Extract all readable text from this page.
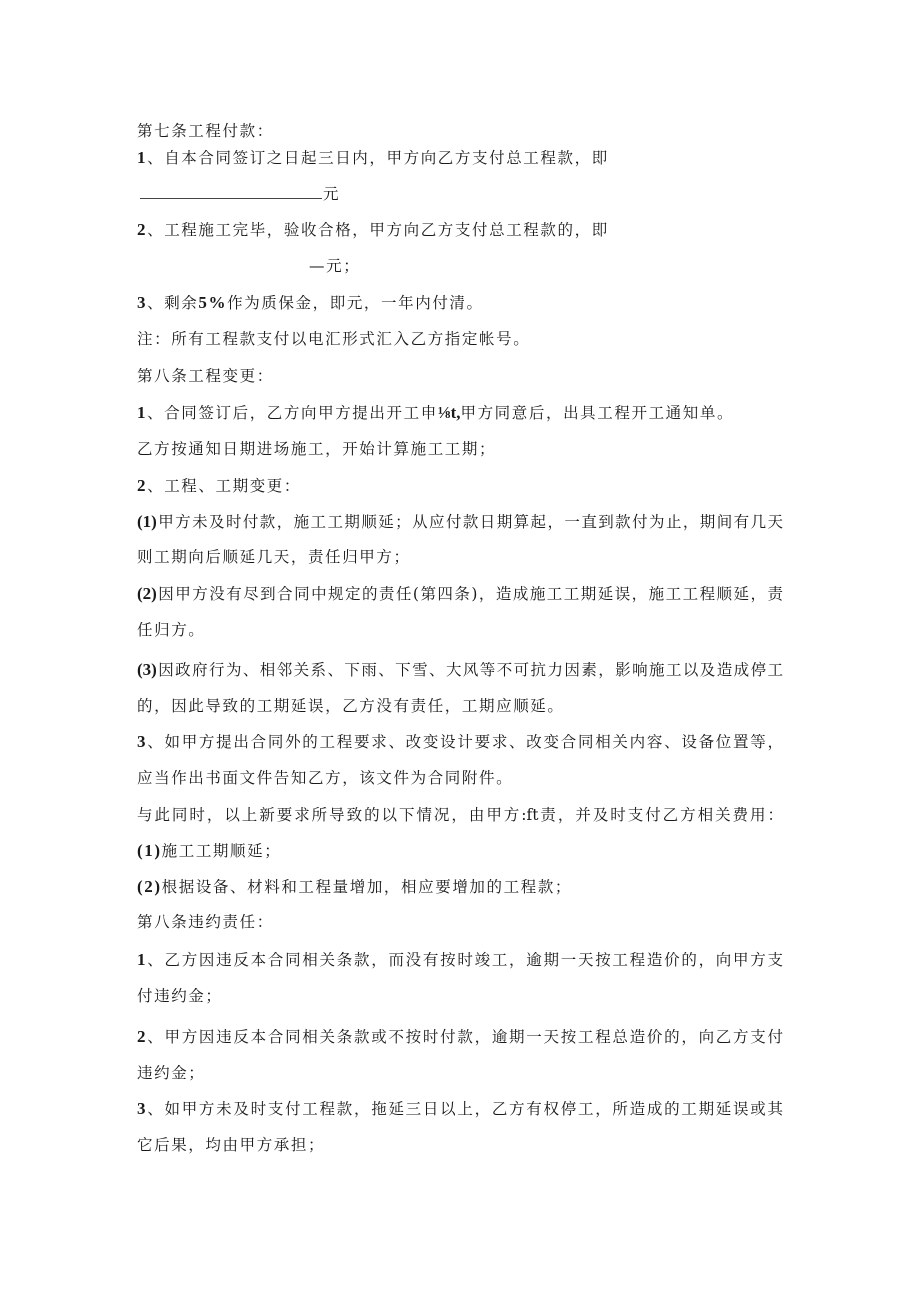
第七条工程付款：
1、自本合同签订之日起三日内，甲方向乙方支付总工程款，即
元
2、工程施工完毕，验收合格，甲方向乙方支付总工程款的，即
—元；
3、剩余5%作为质保金，即元，一年内付清。
注：所有工程款支付以电汇形式汇入乙方指定帐号。
第八条工程变更：
1、合同签订后，乙方向甲方提出开工申⅛t,甲方同意后，出具工程开工通知单。
乙方按通知日期进场施工，开始计算施工工期；
2、工程、工期变更：
(1)甲方未及时付款，施工工期顺延；从应付款日期算起，一直到款付为止，期间有几天
则工期向后顺延几天，责任归甲方；
(2)因甲方没有尽到合同中规定的责任(第四条)，造成施工工期延误，施工工程顺延，责
任归方。
(3)因政府行为、相邻关系、下雨、下雪、大风等不可抗力因素，影响施工以及造成停工
的，因此导致的工期延误，乙方没有责任，工期应顺延。
3、如甲方提出合同外的工程要求、改变设计要求、改变合同相关内容、设备位置等，
应当作出书面文件告知乙方，该文件为合同附件。
与此同时，以上新要求所导致的以下情况，由甲方:ft责，并及时支付乙方相关费用：
(1)施工工期顺延；
(2)根据设备、材料和工程量增加，相应要增加的工程款；
第八条违约责任：
1、乙方因违反本合同相关条款，而没有按时竣工，逾期一天按工程造价的，向甲方支
付违约金；
2、甲方因违反本合同相关条款或不按时付款，逾期一天按工程总造价的，向乙方支付
违约金；
3、如甲方未及时支付工程款，拖延三日以上，乙方有权停工，所造成的工期延误或其
它后果，均由甲方承担；
